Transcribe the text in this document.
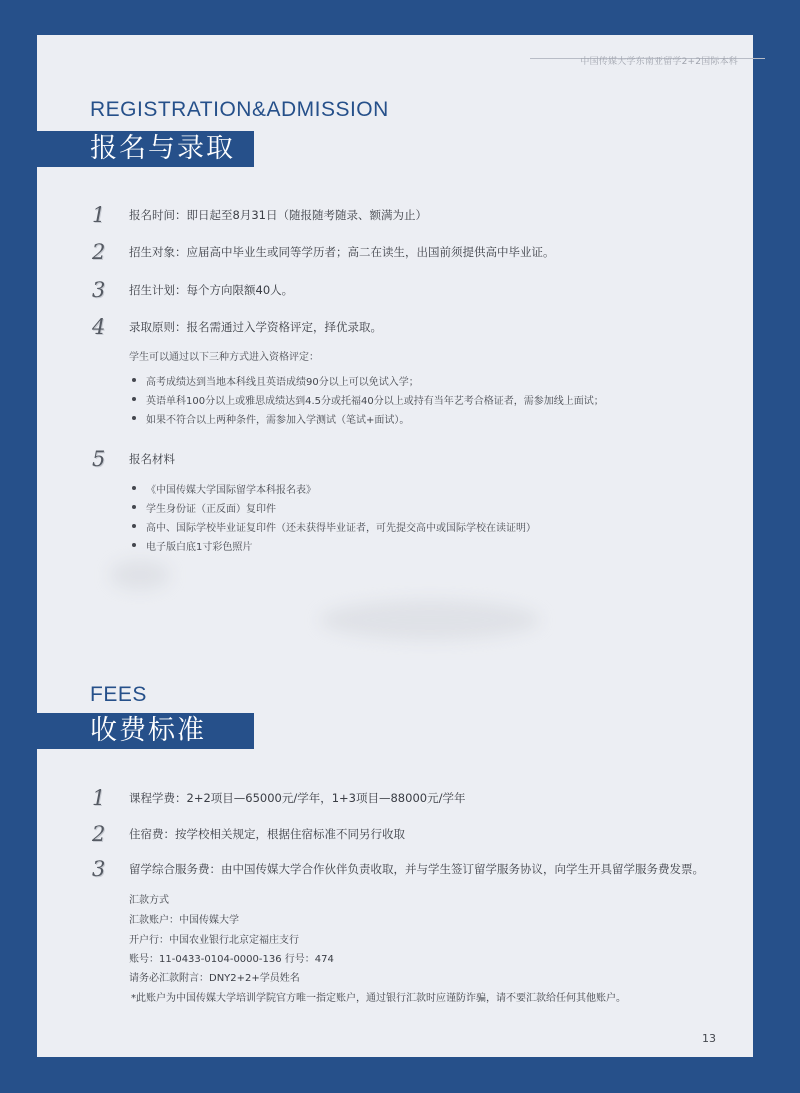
中国传媒大学东南亚留学2+2国际本科
REGISTRATION&ADMISSION
报名与录取
1	报名时间：即日起至8月31日（随报随考随录、额满为止）
2	招生对象：应届高中毕业生或同等学历者；高二在读生，出国前须提供高中毕业证。
3	招生计划：每个方向限额40人。
4	录取原则：报名需通过入学资格评定，择优录取。
学生可以通过以下三种方式进入资格评定：
高考成绩达到当地本科线且英语成绩90分以上可以免试入学；
英语单科100分以上或雅思成绩达到4.5分或托福40分以上或持有当年艺考合格证者，需参加线上面试；
如果不符合以上两种条件，需参加入学测试（笔试+面试）。
5	报名材料
《中国传媒大学国际留学本科报名表》
学生身份证（正反面）复印件
高中、国际学校毕业证复印件（还未获得毕业证者，可先提交高中或国际学校在读证明）
电子版白底1寸彩色照片
FEES
收费标准
1	课程学费：2+2项目—65000元/学年，1+3项目—88000元/学年
2	住宿费：按学校相关规定，根据住宿标准不同另行收取
3	留学综合服务费：由中国传媒大学合作伙伴负责收取，并与学生签订留学服务协议，向学生开具留学服务费发票。
汇款方式
汇款账户：中国传媒大学
开户行：中国农业银行北京定福庄支行
账号：11-0433-0104-0000-136 行号：474
请务必汇款附言：DNY2+2+学员姓名
*此账户为中国传媒大学培训学院官方唯一指定账户，通过银行汇款时应谨防诈骗，请不要汇款给任何其他账户。
13
